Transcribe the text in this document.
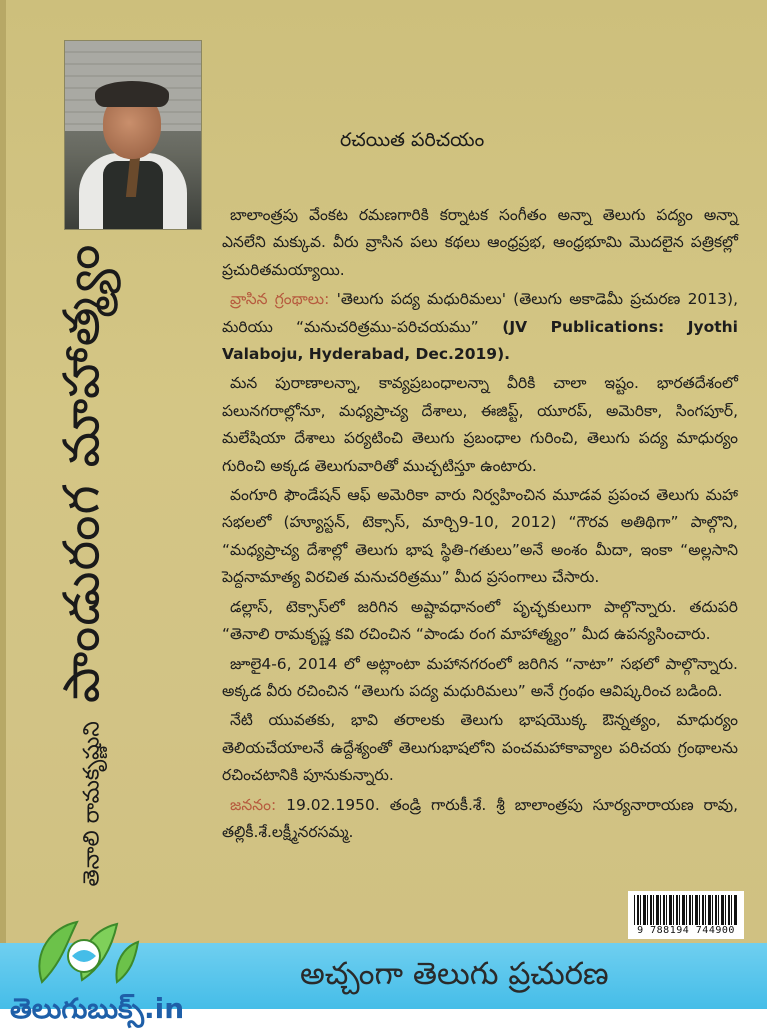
తెనాలి రామకృష్ణునిపాండురంగ మాహాత్మ్యం
రచయిత పరిచయం

బాలాంత్రపు వేంకట రమణగారికి కర్నాటక సంగీతం అన్నా తెలుగు పద్యం అన్నా ఎనలేని మక్కువ. వీరు వ్రాసిన పలు కథలు ఆంధ్రప్రభ, ఆంధ్రభూమి మొదలైన పత్రికల్లో ప్రచురితమయ్యాయి.

వ్రాసిన గ్రంథాలు: 'తెలుగు పద్య మధురిమలు' (తెలుగు అకాడెమీ ప్రచురణ 2013), మరియు “మనుచరిత్రము-పరిచయము” (JV Publications: Jyothi Valaboju, Hyderabad, Dec.2019).

మన పురాణాలన్నా, కావ్యప్రబంధాలన్నా వీరికి చాలా ఇష్టం. భారతదేశంలో పలునగరాల్లోనూ, మధ్యప్రాచ్య దేశాలు, ఈజిప్ట్, యూరప్, అమెరికా, సింగపూర్, మలేషియా దేశాలు పర్యటించి తెలుగు ప్రబంధాల గురించి, తెలుగు పద్య మాధుర్యం గురించి అక్కడ తెలుగువారితో ముచ్చటిస్తూ ఉంటారు.

వంగూరి ఫౌండేషన్ ఆఫ్ అమెరికా వారు నిర్వహించిన మూడవ ప్రపంచ తెలుగు మహా సభలలో (హ్యూస్టన్, టెక్సాస్, మార్చి9-10, 2012) “గౌరవ అతిథిగా” పాల్గొని, “మధ్యప్రాచ్య దేశాల్లో తెలుగు భాష స్థితి-గతులు”అనే అంశం మీదా, ఇంకా “అల్లసాని పెద్దనామాత్య విరచిత మనుచరిత్రము” మీద ప్రసంగాలు చేసారు.

డల్లాస్, టెక్సాస్‌లో జరిగిన అష్టావధానంలో పృచ్ఛకులుగా పాల్గొన్నారు. తదుపరి “తెనాలి రామకృష్ణ కవి రచించిన “పాండు రంగ మాహాత్మ్యం” మీద ఉపన్యసించారు.

జూలై4-6, 2014 లో అట్లాంటా మహానగరంలో జరిగిన “నాటా” సభలో పాల్గొన్నారు. అక్కడ వీరు రచించిన “తెలుగు పద్య మధురిమలు” అనే గ్రంథం ఆవిష్కరించ బడింది.

నేటి యువతకు, భావి తరాలకు తెలుగు భాషయొక్క ఔన్నత్యం, మాధుర్యం తెలియచేయాలనే ఉద్దేశ్యంతో తెలుగుభాషలోని పంచమహాకావ్యాల పరిచయ గ్రంథాలను రచించటానికి పూనుకున్నారు.

జననం: 19.02.1950. తండ్రి గారుకీ.శే. శ్రీ బాలాంత్రపు సూర్యనారాయణ రావు, తల్లికీ.శే.లక్ష్మీనరసమ్మ.

9 788194 744900
అచ్చంగా తెలుగు ప్రచురణ
తెలుగుబుక్స్.in
